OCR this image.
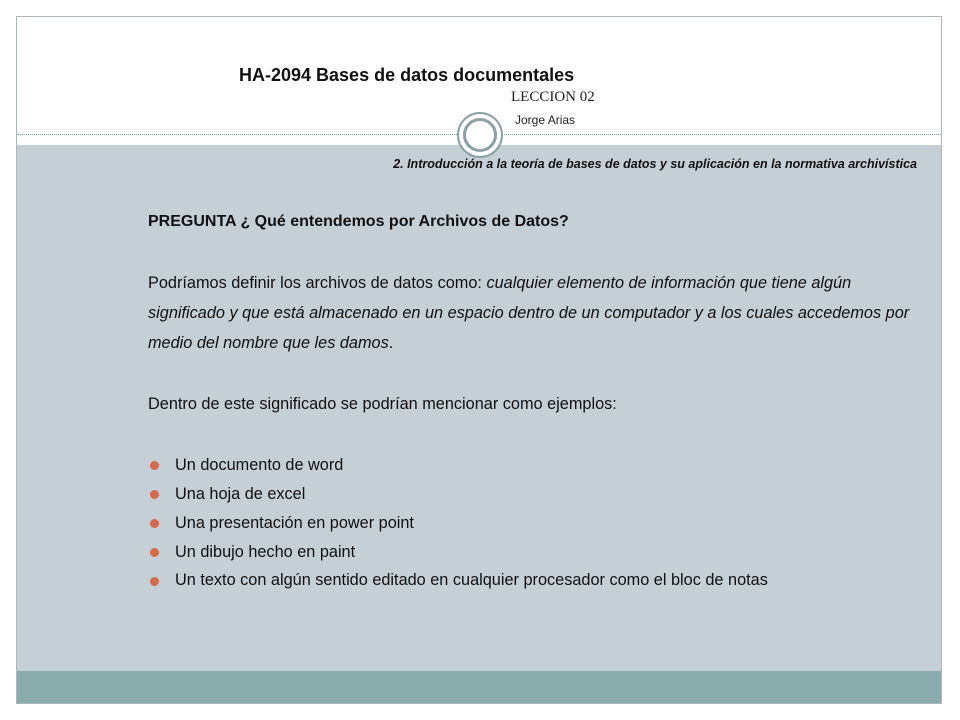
HA-2094 Bases de datos documentales
LECCION 02
Jorge Arias
2. Introducción a la teoría de bases de datos y su aplicación en la normativa archivística
PREGUNTA ¿ Qué entendemos por Archivos de Datos?
Podríamos definir los archivos de datos como: cualquier elemento de información que tiene algún significado y que está almacenado en un espacio dentro de un computador y a los cuales accedemos por medio del nombre que les damos.
Dentro de este significado se podrían mencionar como ejemplos:
Un documento de word
Una hoja de excel
Una presentación en power point
Un dibujo hecho en paint
Un texto con algún sentido editado en cualquier procesador como el bloc de notas
